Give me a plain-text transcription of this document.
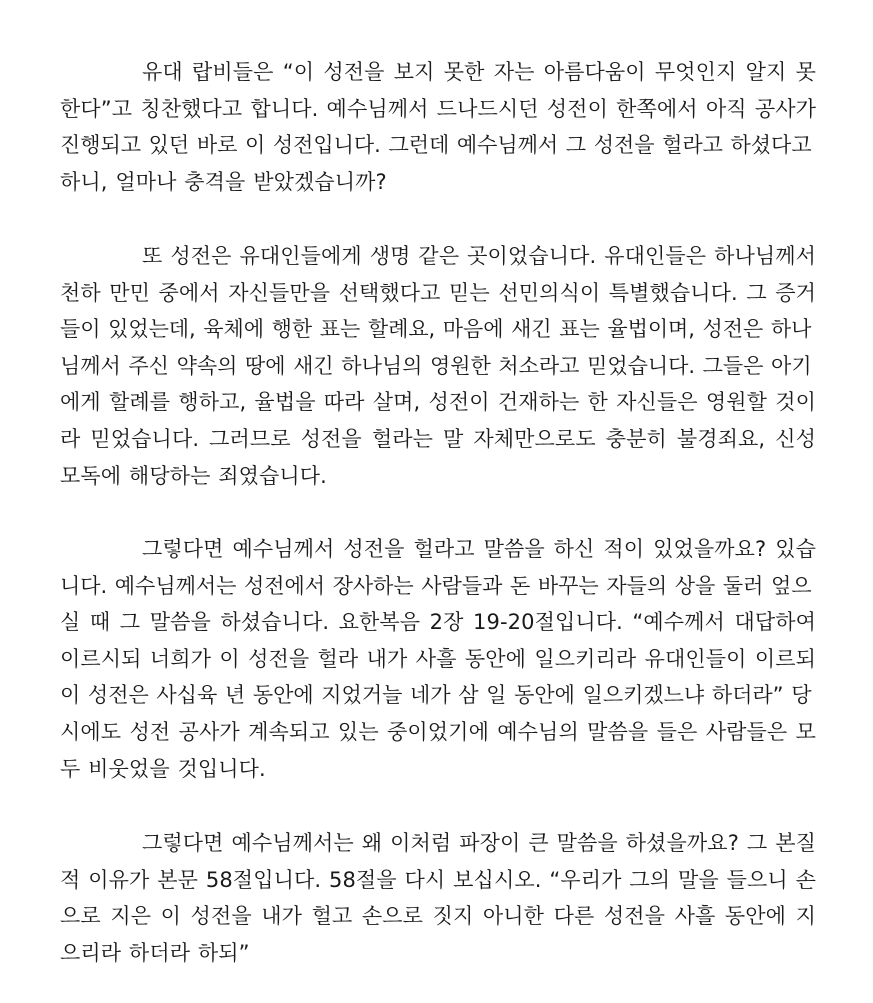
유대 랍비들은 “이 성전을 보지 못한 자는 아름다움이 무엇인지 알지 못
한다”고 칭찬했다고 합니다. 예수님께서 드나드시던 성전이 한쪽에서 아직 공사가
진행되고 있던 바로 이 성전입니다. 그런데 예수님께서 그 성전을 헐라고 하셨다고
하니, 얼마나 충격을 받았겠습니까?
또 성전은 유대인들에게 생명 같은 곳이었습니다. 유대인들은 하나님께서
천하 만민 중에서 자신들만을 선택했다고 믿는 선민의식이 특별했습니다. 그 증거
들이 있었는데, 육체에 행한 표는 할례요, 마음에 새긴 표는 율법이며, 성전은 하나
님께서 주신 약속의 땅에 새긴 하나님의 영원한 처소라고 믿었습니다. 그들은 아기
에게 할례를 행하고, 율법을 따라 살며, 성전이 건재하는 한 자신들은 영원할 것이
라 믿었습니다. 그러므로 성전을 헐라는 말 자체만으로도 충분히 불경죄요, 신성
모독에 해당하는 죄였습니다.
그렇다면 예수님께서 성전을 헐라고 말씀을 하신 적이 있었을까요? 있습
니다. 예수님께서는 성전에서 장사하는 사람들과 돈 바꾸는 자들의 상을 둘러 엎으
실 때 그 말씀을 하셨습니다. 요한복음 2장 19-20절입니다. “예수께서 대답하여
이르시되 너희가 이 성전을 헐라 내가 사흘 동안에 일으키리라 유대인들이 이르되
이 성전은 사십육 년 동안에 지었거늘 네가 삼 일 동안에 일으키겠느냐 하더라” 당
시에도 성전 공사가 계속되고 있는 중이었기에 예수님의 말씀을 들은 사람들은 모
두 비웃었을 것입니다.
그렇다면 예수님께서는 왜 이처럼 파장이 큰 말씀을 하셨을까요? 그 본질
적 이유가 본문 58절입니다. 58절을 다시 보십시오. “우리가 그의 말을 들으니 손
으로 지은 이 성전을 내가 헐고 손으로 짓지 아니한 다른 성전을 사흘 동안에 지
으리라 하더라 하되”
